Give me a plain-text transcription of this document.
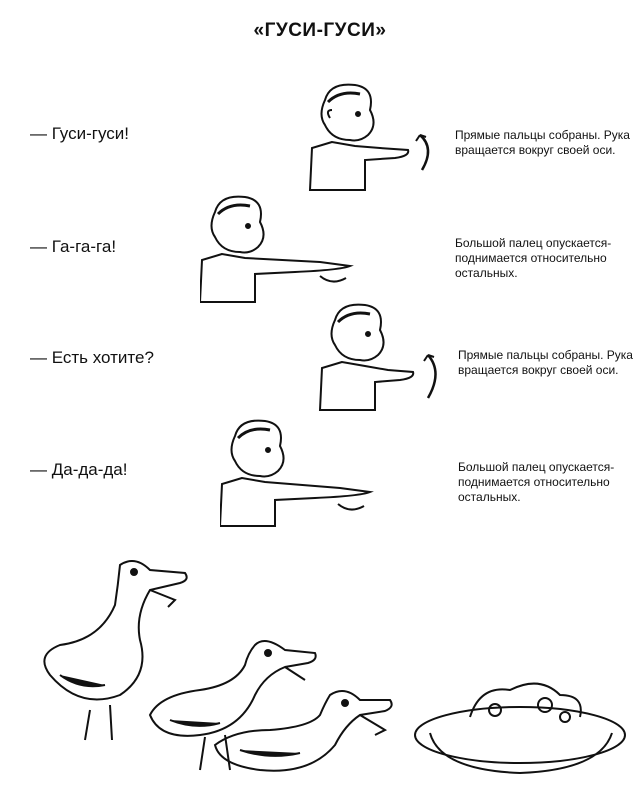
«ГУСИ-ГУСИ»
— Гуси-гуси!	Прямые пальцы собраны. Рука вращается вокруг своей оси.
— Га-га-га!	Большой палец опускается-поднимается относительно остальных.
— Есть хотите?	Прямые пальцы собраны. Рука вращается вокруг своей оси.
— Да-да-да!	Большой палец опускается-поднимается относительно остальных.
